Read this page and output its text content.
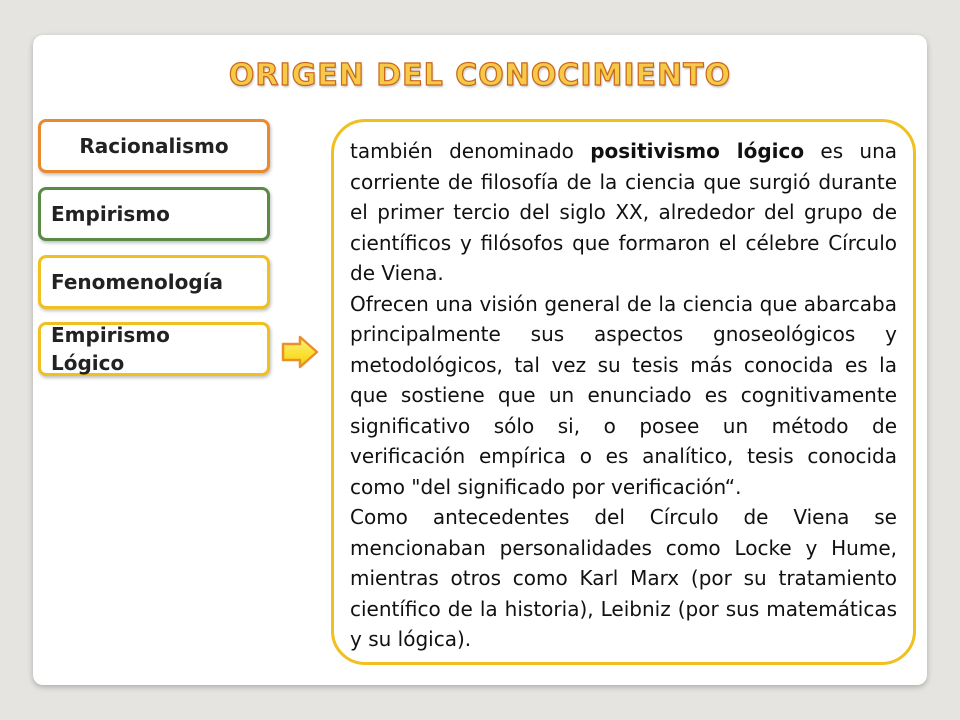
ORIGEN DEL CONOCIMIENTO
Racionalismo
Empirismo
Fenomenología
Empirismo Lógico

también denominado positivismo lógico es una corriente de filosofía de la ciencia que surgió durante el primer tercio del siglo XX, alrededor del grupo de científicos y filósofos que formaron el célebre Círculo de Viena.

Ofrecen una visión general de la ciencia que abarcaba principalmente sus aspectos gnoseológicos y metodológicos, tal vez su tesis más conocida es la que sostiene que un enunciado es cognitivamente significativo sólo si, o posee un método de verificación empírica o es analítico, tesis conocida como "del significado por verificación“.

Como antecedentes del Círculo de Viena se mencionaban personalidades como Locke y Hume, mientras otros como Karl Marx (por su tratamiento científico de la historia), Leibniz (por sus matemáticas y su lógica).
